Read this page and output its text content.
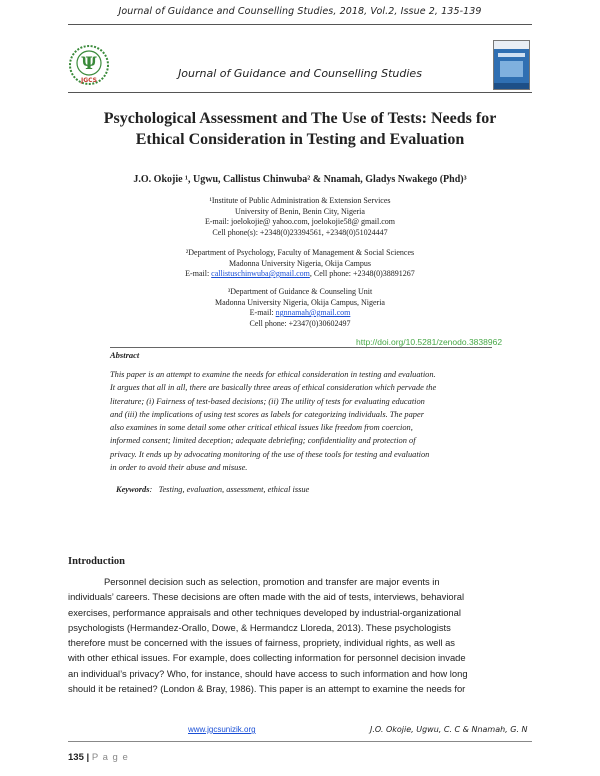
Journal of Guidance and Counselling Studies, 2018, Vol.2, Issue 2, 135-139
Ψ
JGCS
Journal of Guidance and Counselling Studies
Psychological Assessment and The Use of Tests: Needs for
Ethical Consideration in Testing and Evaluation
J.O. Okojie ¹, Ugwu, Callistus Chinwuba² & Nnamah, Gladys Nwakego (Phd)³
¹Institute of Public Administration & Extension Services
University of Benin, Benin City, Nigeria
E-mail: joelokojie@ yahoo.com, joelokojie58@ gmail.com
Cell phone(s): +2348(0)23394561, +2348(0)51024447
²Department of Psychology, Faculty of Management & Social Sciences
Madonna University Nigeria, Okija Campus
E-mail: callistuschinwuba@gmail.com, Cell phone: +2348(0)38891267
³Department of Guidance & Counseling Unit
Madonna University Nigeria, Okija Campus, Nigeria
E-mail: ngnnamah@gmail.com
Cell phone: +2347(0)30602497
http://doi.org/10.5281/zenodo.3838962
Abstract
This paper is an attempt to examine the needs for ethical consideration in testing and evaluation.
It argues that all in all, there are basically three areas of ethical consideration which pervade the
literature; (i) Fairness of test-based decisions; (ii) The utility of tests for evaluating education
and (iii) the implications of using test scores as labels for categorizing individuals. The paper
also examines in some detail some other critical ethical issues like freedom from coercion,
informed consent; limited deception; adequate debriefing; confidentiality and protection of
privacy. It ends up by advocating monitoring of the use of these tools for testing and evaluation
in order to avoid their abuse and misuse.
Keywords:   Testing, evaluation, assessment, ethical issue
Introduction
Personnel decision such as selection, promotion and transfer are major events in
individuals’ careers. These decisions are often made with the aid of tests, interviews, behavioral
exercises, performance appraisals and other techniques developed by industrial-organizational
psychologists (Hermandez-Orallo, Dowe, & Hermandcz Lloreda, 2013). These psychologists
therefore must be concerned with the issues of fairness, propriety, individual rights, as well as
with other ethical issues. For example, does collecting information for personnel decision invade
an individual’s privacy? Who, for instance, should have access to such information and how long
should it be retained? (London & Bray, 1986). This paper is an attempt to examine the needs for
www.jgcsunizik.org	J.O. Okojie, Ugwu, C. C & Nnamah, G. N
135 | P a g e
